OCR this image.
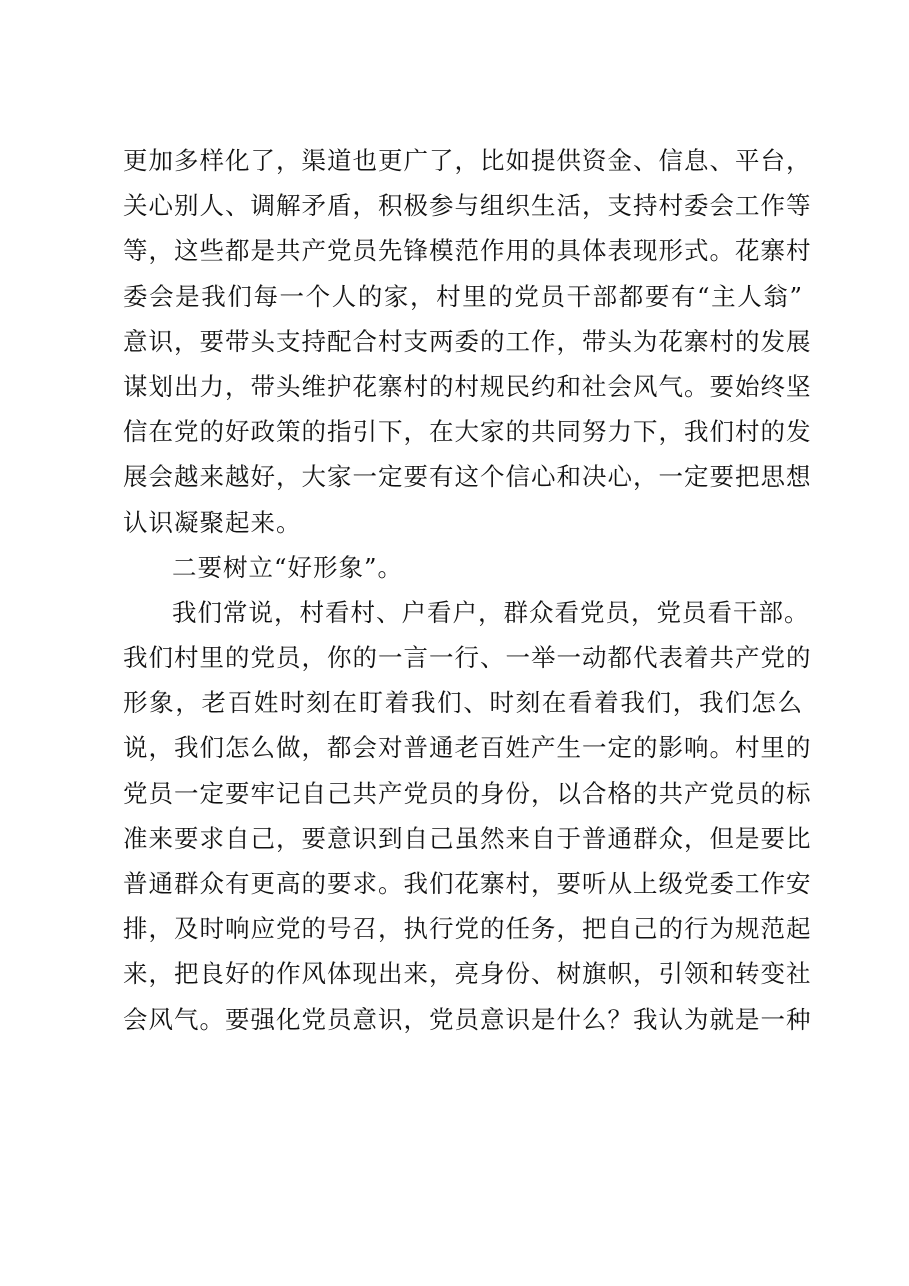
更加多样化了，渠道也更广了，比如提供资金、信息、平台，
关心别人、调解矛盾，积极参与组织生活，支持村委会工作等
等，这些都是共产党员先锋模范作用的具体表现形式。花寨村
委会是我们每一个人的家，村里的党员干部都要有“主人翁”
意识，要带头支持配合村支两委的工作，带头为花寨村的发展
谋划出力，带头维护花寨村的村规民约和社会风气。要始终坚
信在党的好政策的指引下，在大家的共同努力下，我们村的发
展会越来越好，大家一定要有这个信心和决心，一定要把思想
认识凝聚起来。
二要树立“好形象”。
我们常说，村看村、户看户，群众看党员，党员看干部。
我们村里的党员，你的一言一行、一举一动都代表着共产党的
形象，老百姓时刻在盯着我们、时刻在看着我们，我们怎么
说，我们怎么做，都会对普通老百姓产生一定的影响。村里的
党员一定要牢记自己共产党员的身份，以合格的共产党员的标
准来要求自己，要意识到自己虽然来自于普通群众，但是要比
普通群众有更高的要求。我们花寨村，要听从上级党委工作安
排，及时响应党的号召，执行党的任务，把自己的行为规范起
来，把良好的作风体现出来，亮身份、树旗帜，引领和转变社
会风气。要强化党员意识，党员意识是什么？我认为就是一种
